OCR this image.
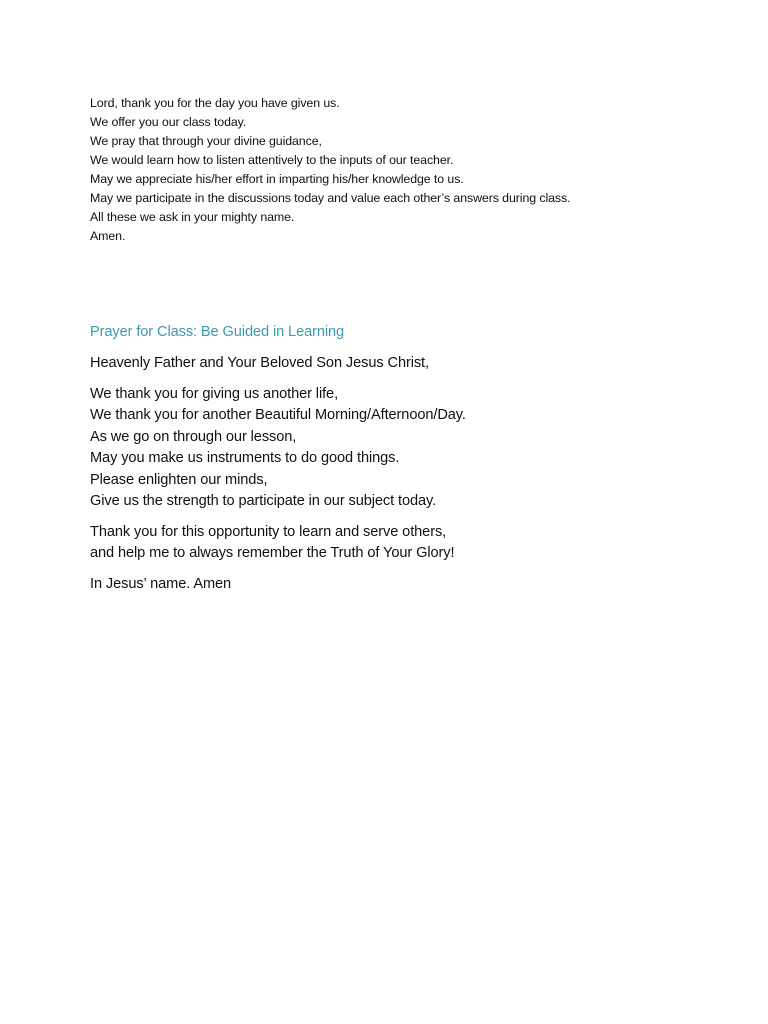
Lord, thank you for the day you have given us.
We offer you our class today.
We pray that through your divine guidance,
We would learn how to listen attentively to the inputs of our teacher.
May we appreciate his/her effort in imparting his/her knowledge to us.
May we participate in the discussions today and value each other’s answers during class.
All these we ask in your mighty name.
Amen.
Prayer for Class: Be Guided in Learning

Heavenly Father and Your Beloved Son Jesus Christ,

We thank you for giving us another life,
We thank you for another Beautiful Morning/Afternoon/Day.
As we go on through our lesson,
May you make us instruments to do good things.
Please enlighten our minds,
Give us the strength to participate in our subject today.

Thank you for this opportunity to learn and serve others,
and help me to always remember the Truth of Your Glory!

In Jesus’ name. Amen
